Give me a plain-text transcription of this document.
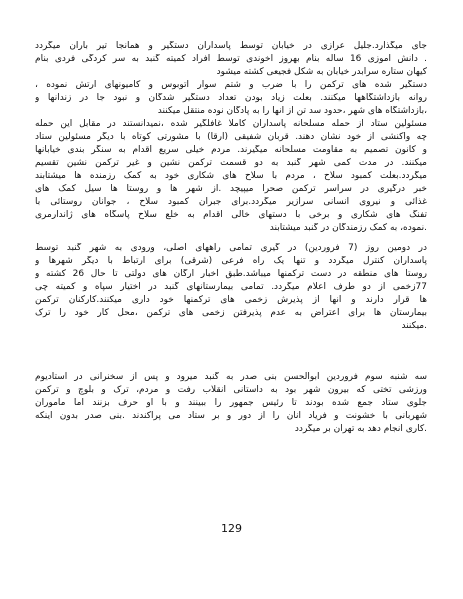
جای میگذارد.جلیل عرازی در خیابان توسط پاسداران دستگیر و همانجا تیر باران میگردد
. دانش آموزی 16 ساله بنام بهروز آخوندی توسط افراد کمیته گنبد به سر کردگی فردی بنام
کیهان ستاره سرابدر خیابان به شکل فجیعی کشته میشود
دستگیر شده های ترکمن را با ضرب و شتم سوار اتوبوس و کامیونهای ارتش نموده ،
روانه بازداشتگاهها میکنند. بعلت زیاد بودن تعداد دستگیر شدگان و نبود جا در زندانها و
،بازداشتگاه های شهر ،حدود سد تن از آنها را به پادگان نوده منتقل میکنند
مسئولین ستاد از حمله مسلحانه پاسداران کاملا غافلگیر شده ،نمیدانستند در مقابل این حمله
چه واکنشی از خود نشان دهند. قربان شفیقی (ارقا) با مشورتی کوتاه با دیگر مسئولین ستاد
و کانون تصمیم به مقاومت مسلحانه میگیرند. مردم خیلی سریع اقدام به سنگر بندی خیابانها
میکنند. در مدت کمی شهر گنبد به دو قسمت ترکمن نشین و غیر ترکمن نشین تقسیم
میگردد.بعلت کمبود سلاح ، مردم با سلاح های شکاری خود به کمک رزمنده ها میشتابند
خبر درگیری در سراسر ترکمن صحرا میپیچد .از شهر ها و روستا ها سیل کمک های
غذائی و نیروی انسانی سرازیر میگردد.برای جبران کمبود سلاح ، جوانان روستائی با
تفنگ های شکاری و برخی با دستهای خالی اقدام به خلع سلاح پاسگاه های ژاندارمری
.نموده، به کمک رزمندگان در گنبد میشتابند
در دومین روز (7 فروردین) در گیری تمامی راههای اصلی، ورودی به شهر گنبد توسط
پاسداران کنترل میگردد و تنها یک راه فرعی (شرقی) برای ارتباط با دیگر شهرها و
روستا های منطقه در دست ترکمنها میباشد.طبق اخبار ارگان های دولتی تا حال 26 کشته و
77زخمی از دو طرف اعلام میگردد. تمامی بیمارستانهای گنبد در اختیار سپاه و کمیته چی
ها قرار دارند و آنها از پذیرش زخمی های ترکمنها خود داری میکنند.کارکنان ترکمن
بیمارستان ها برای اعتراض به عدم پذیرفتن زخمی های ترکمن ،محل کار خود را ترک
.میکنند
سه شنبه سوم فروردین ابوالحسن بنی صدر به گنبد میرود و پس از سخنرانی در استادیوم
ورزشی تختی که بیرون شهر بود به داستانی انقلاب رفت و مردم، ترک و بلوچ و ترکمن
جلوی ستاد جمع شده بودند تا رئیس جمهور را ببینند و با او حرف بزنند اما ماموران
شهربانی با خشونت و فریاد آنان را از دور و بر ستاد می پراکندند .بنی صدر بدون اینکه
.کاری انجام دهد به تهران بر میگردد
129
